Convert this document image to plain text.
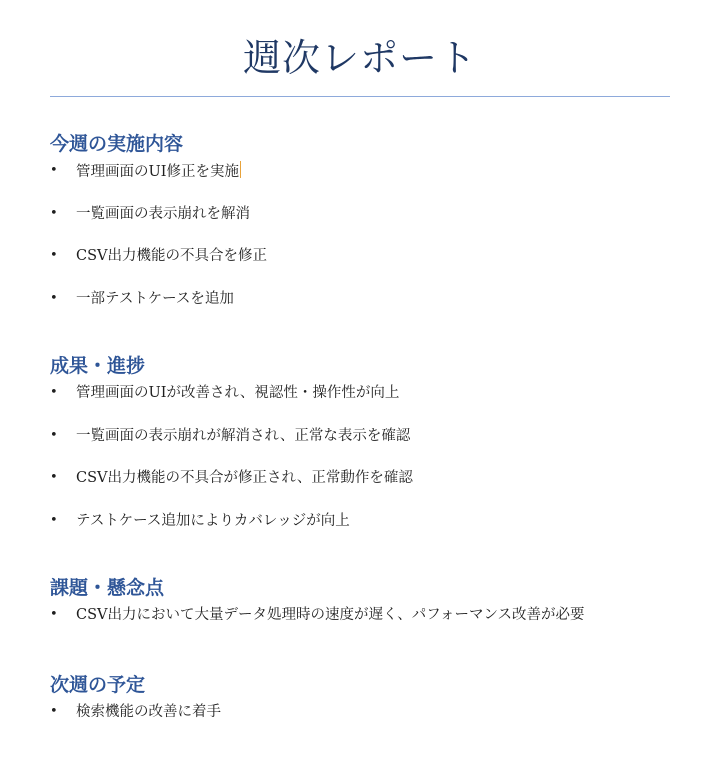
週次レポート
今週の実施内容
• 管理画面のUI修正を実施
• 一覧画面の表示崩れを解消
• CSV出力機能の不具合を修正
• 一部テストケースを追加
成果・進捗
• 管理画面のUIが改善され、視認性・操作性が向上
• 一覧画面の表示崩れが解消され、正常な表示を確認
• CSV出力機能の不具合が修正され、正常動作を確認
• テストケース追加によりカバレッジが向上
課題・懸念点
• CSV出力において大量データ処理時の速度が遅く、パフォーマンス改善が必要
次週の予定
• 検索機能の改善に着手
